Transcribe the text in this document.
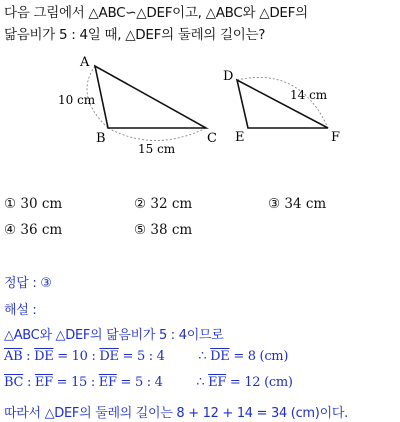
다음 그림에서 △ABC∽△DEF이고, △ABC와 △DEF의
닮음비가 5 : 4일 때, △DEF의 둘레의 길이는?
A
B	C
10 cm
15 cm
D
E	F
14 cm
① 30 cm	② 32 cm	③ 34 cm
④ 36 cm	⑤ 38 cm
정답 : ③
해설 :
△ABC와 △DEF의 닮음비가 5 : 4이므로
$\overline{AB}$ : $\overline{DE} = 10$ : $\overline{DE} = 5$ : 4	∴ $\overline{DE} = 8$ (cm)
$\overline{BC}$ : $\overline{EF} = 15$ : $\overline{EF} = 5$ : 4	∴ $\overline{EF} = 12$ (cm)
따라서 △DEF의 둘레의 길이는 8 + 12 + 14 = 34 (cm)이다.
